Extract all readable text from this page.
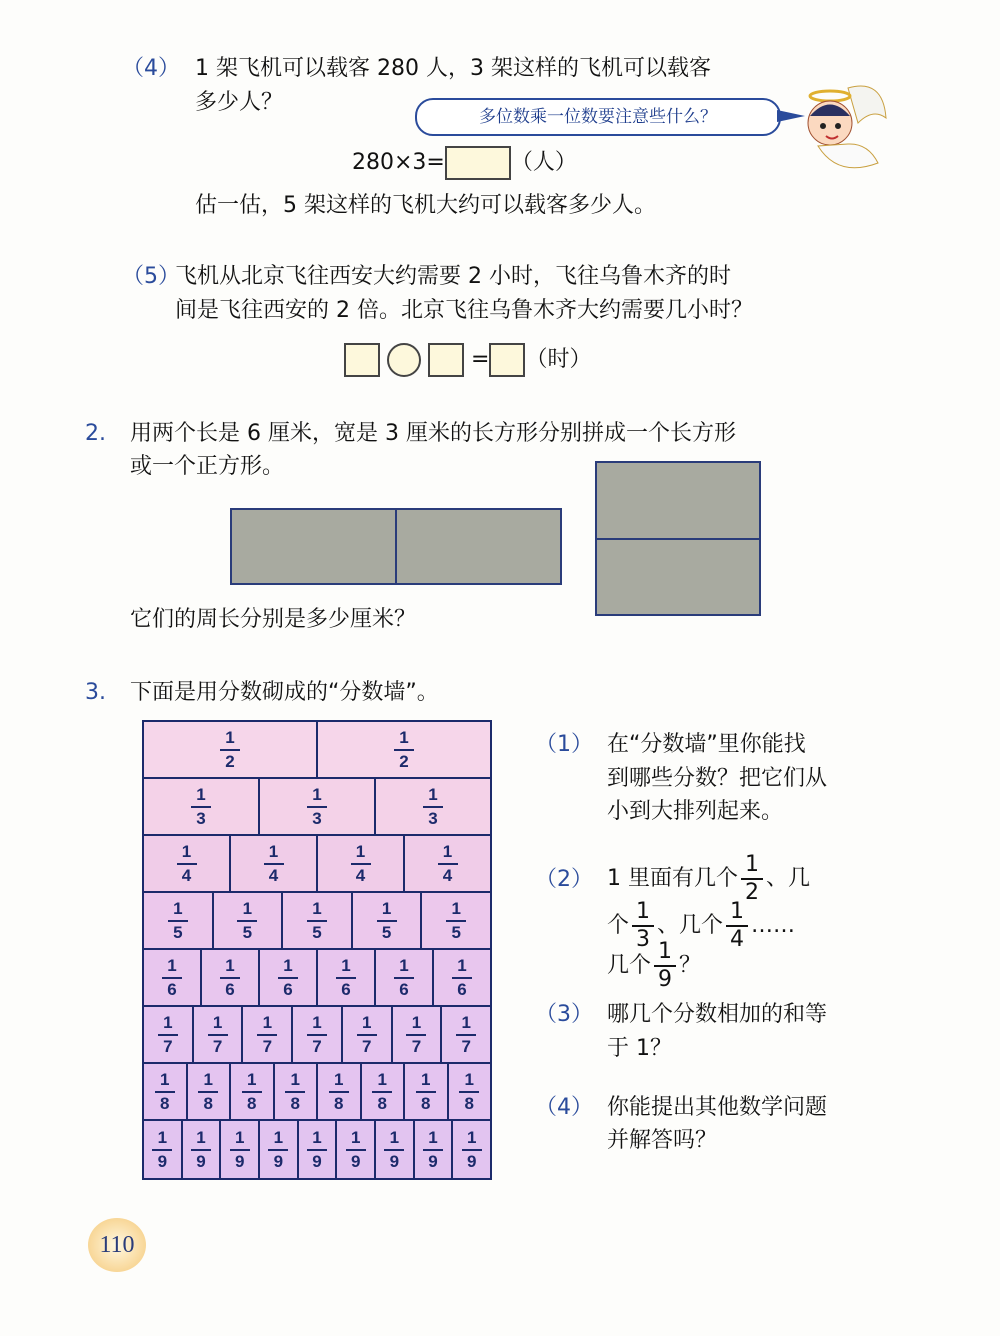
（4） 1 架飞机可以载客 280 人，3 架这样的飞机可以载客
多少人？
多位数乘一位数要注意些什么？
280×3=	（人）
估一估，5 架这样的飞机大约可以载客多少人。
（5）
飞机从北京飞往西安大约需要 2 小时，飞往乌鲁木齐的时
间是飞往西安的 2 倍。北京飞往乌鲁木齐大约需要几小时？
= （时）
2. 用两个长是 6 厘米，宽是 3 厘米的长方形分别拼成一个长方形
或一个正方形。
它们的周长分别是多少厘米？
3. 下面是用分数砌成的“分数墙”。
1
2
1
2
1
3
1
3
1
3
1
4
1
4
1
4
1
4
1
5
1
5
1
5
1
5
1
5
1
6
1
6
1
6
1
6
1
6
1
6
1
7
1
7
1
7
1
7
1
7
1
7
1
7
1
8
1
8
1
8
1
8
1
8
1
8
1
8
1
8
1
9
1
9
1
9
1
9
1
9
1
9
1
9
1
9
1
9
（1） 在“分数墙”里你能找
到哪些分数？把它们从
小到大排列起来。
（2） 1 里面有几个 $\frac{1}{2}$ 、几
个 $\frac{1}{3}$ 、几个 $\frac{1}{4}$ ……
几个 $\frac{1}{9}$ ？
（3） 哪几个分数相加的和等
于 1？
（4） 你能提出其他数学问题
并解答吗？
110
